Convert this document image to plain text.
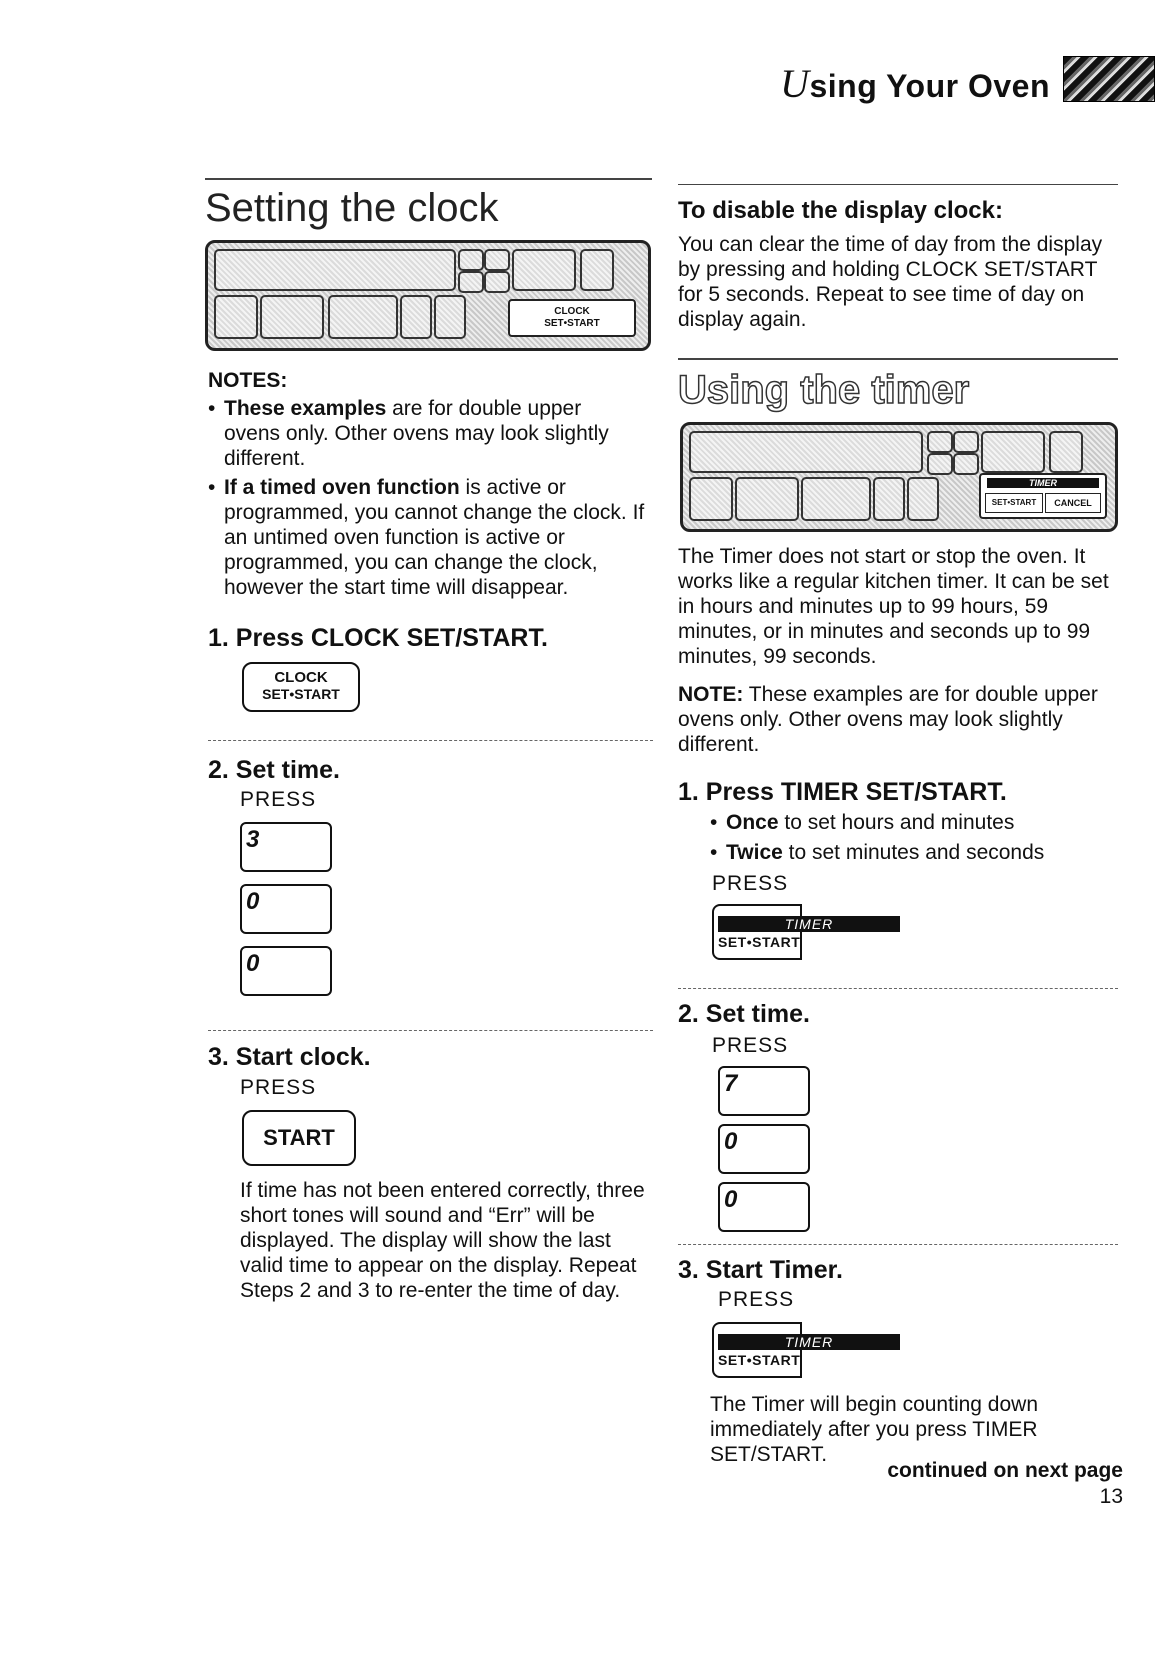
Using Your Oven
Setting the clock
CLOCK
SET•START
NOTES:
• These examples are for double upper ovens only. Other ovens may look slightly different.
• If a timed oven function is active or programmed, you cannot change the clock. If an untimed oven function is active or programmed, you can change the clock, however the start time will disappear.
1. Press CLOCK SET/START.
CLOCK
SET•START
2. Set time.
PRESS
3
0
0
3. Start clock.
PRESS
START
If time has not been entered correctly, three short tones will sound and “Err” will be displayed. The display will show the last valid time to appear on the display. Repeat Steps 2 and 3 to re-enter the time of day.
To disable the display clock:
You can clear the time of day from the display by pressing and holding CLOCK SET/START for 5 seconds. Repeat to see time of day on display again.
Using the timer
TIMER
SET•START	CANCEL
The Timer does not start or stop the oven. It works like a regular kitchen timer. It can be set in hours and minutes up to 99 hours, 59 minutes, or in minutes and seconds up to 99 minutes, 99 seconds.
NOTE: These examples are for double upper ovens only. Other ovens may look slightly different.
1. Press TIMER SET/START.
• Once to set hours and minutes
• Twice to set minutes and seconds
PRESS
TIMER
SET•START
2. Set time.
PRESS
7
0
0
3. Start Timer.
PRESS
TIMER
SET•START
The Timer will begin counting down immediately after you press TIMER SET/START.
continued on next page
13
